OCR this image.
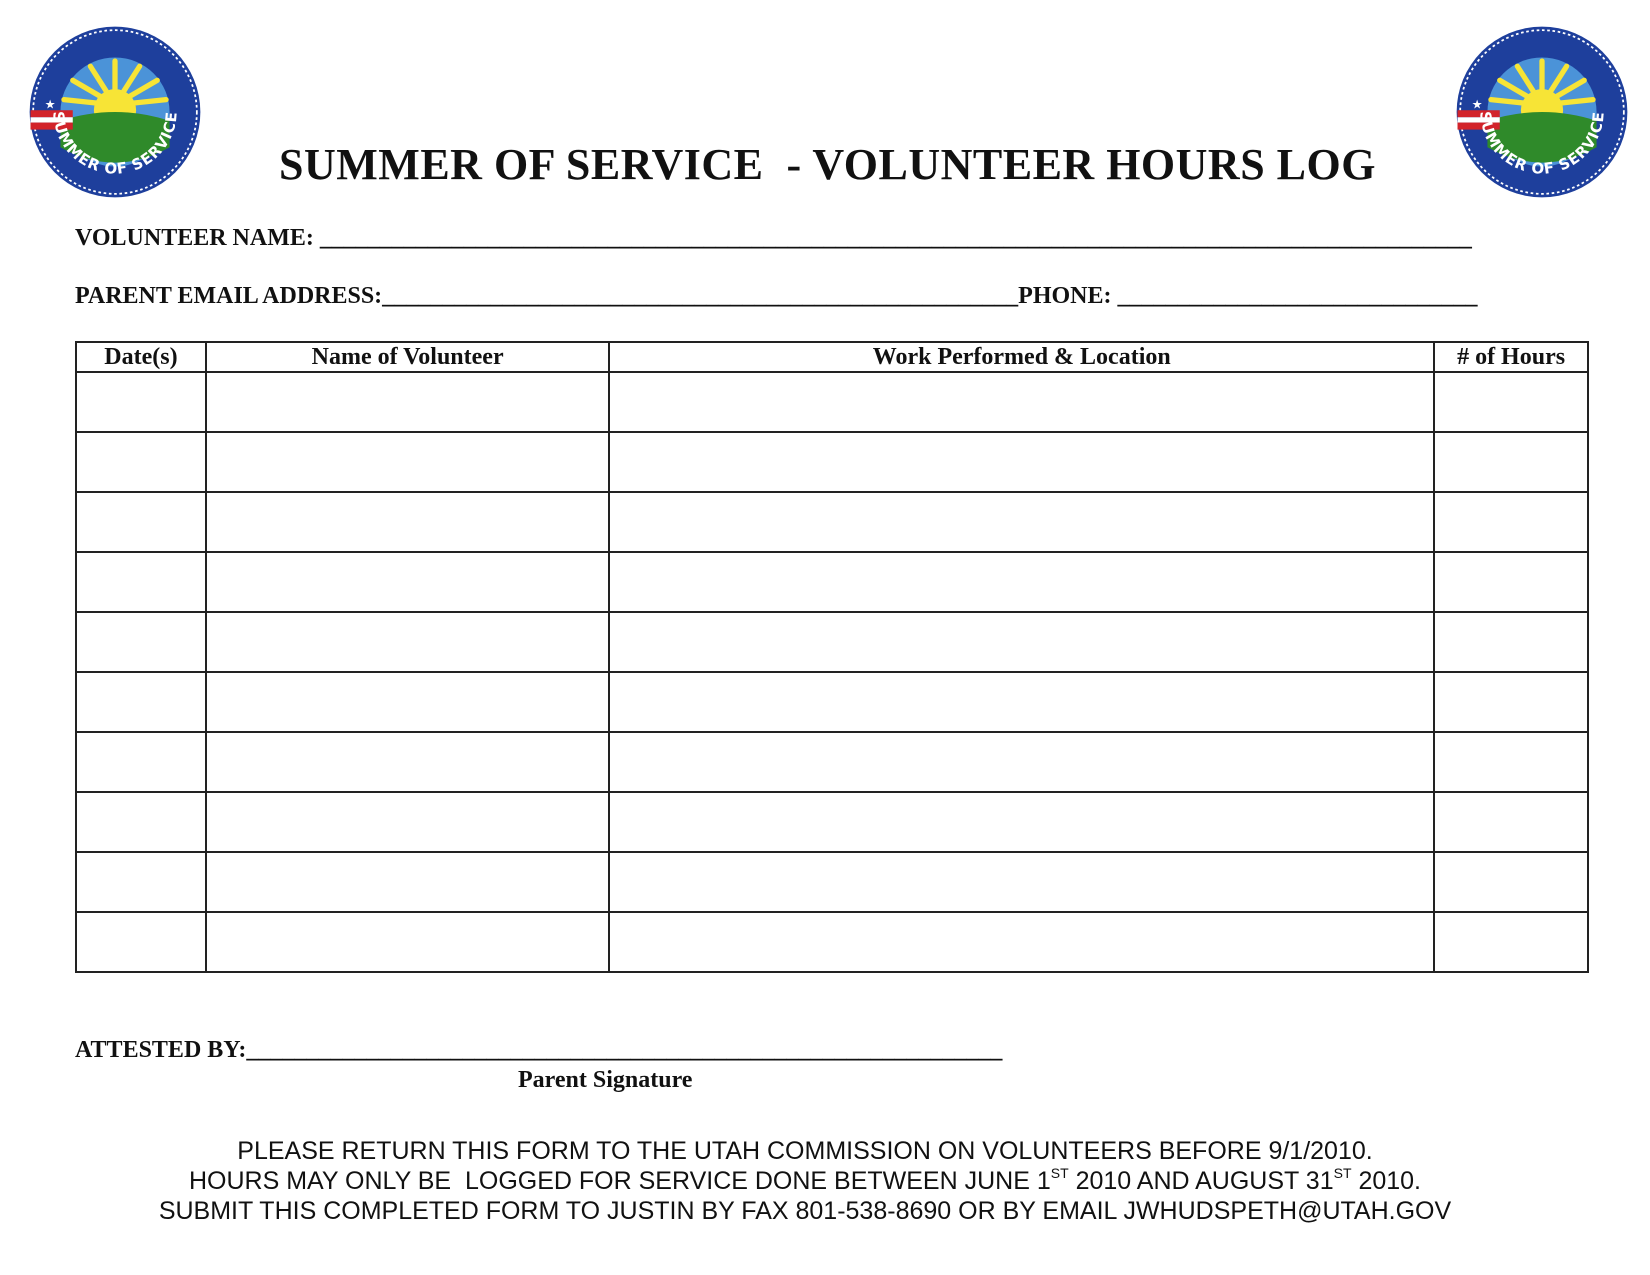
★
SUMMER OF SERVICE
★
SUMMER OF SERVICE

SUMMER OF SERVICE  - VOLUNTEER HOURS LOG

VOLUNTEER NAME: ________________________________________________________________________________________________
PARENT EMAIL ADDRESS:_____________________________________________________PHONE: ______________________________
Date(s)	Name of Volunteer	Work Performed & Location	# of Hours

ATTESTED BY:_______________________________________________________________
Parent Signature
PLEASE RETURN THIS FORM TO THE UTAH COMMISSION ON VOLUNTEERS BEFORE 9/1/2010.
HOURS MAY ONLY BE  LOGGED FOR SERVICE DONE BETWEEN JUNE 1ST 2010 AND AUGUST 31ST 2010.
SUBMIT THIS COMPLETED FORM TO JUSTIN BY FAX 801-538-8690 OR BY EMAIL JWHUDSPETH@UTAH.GOV
